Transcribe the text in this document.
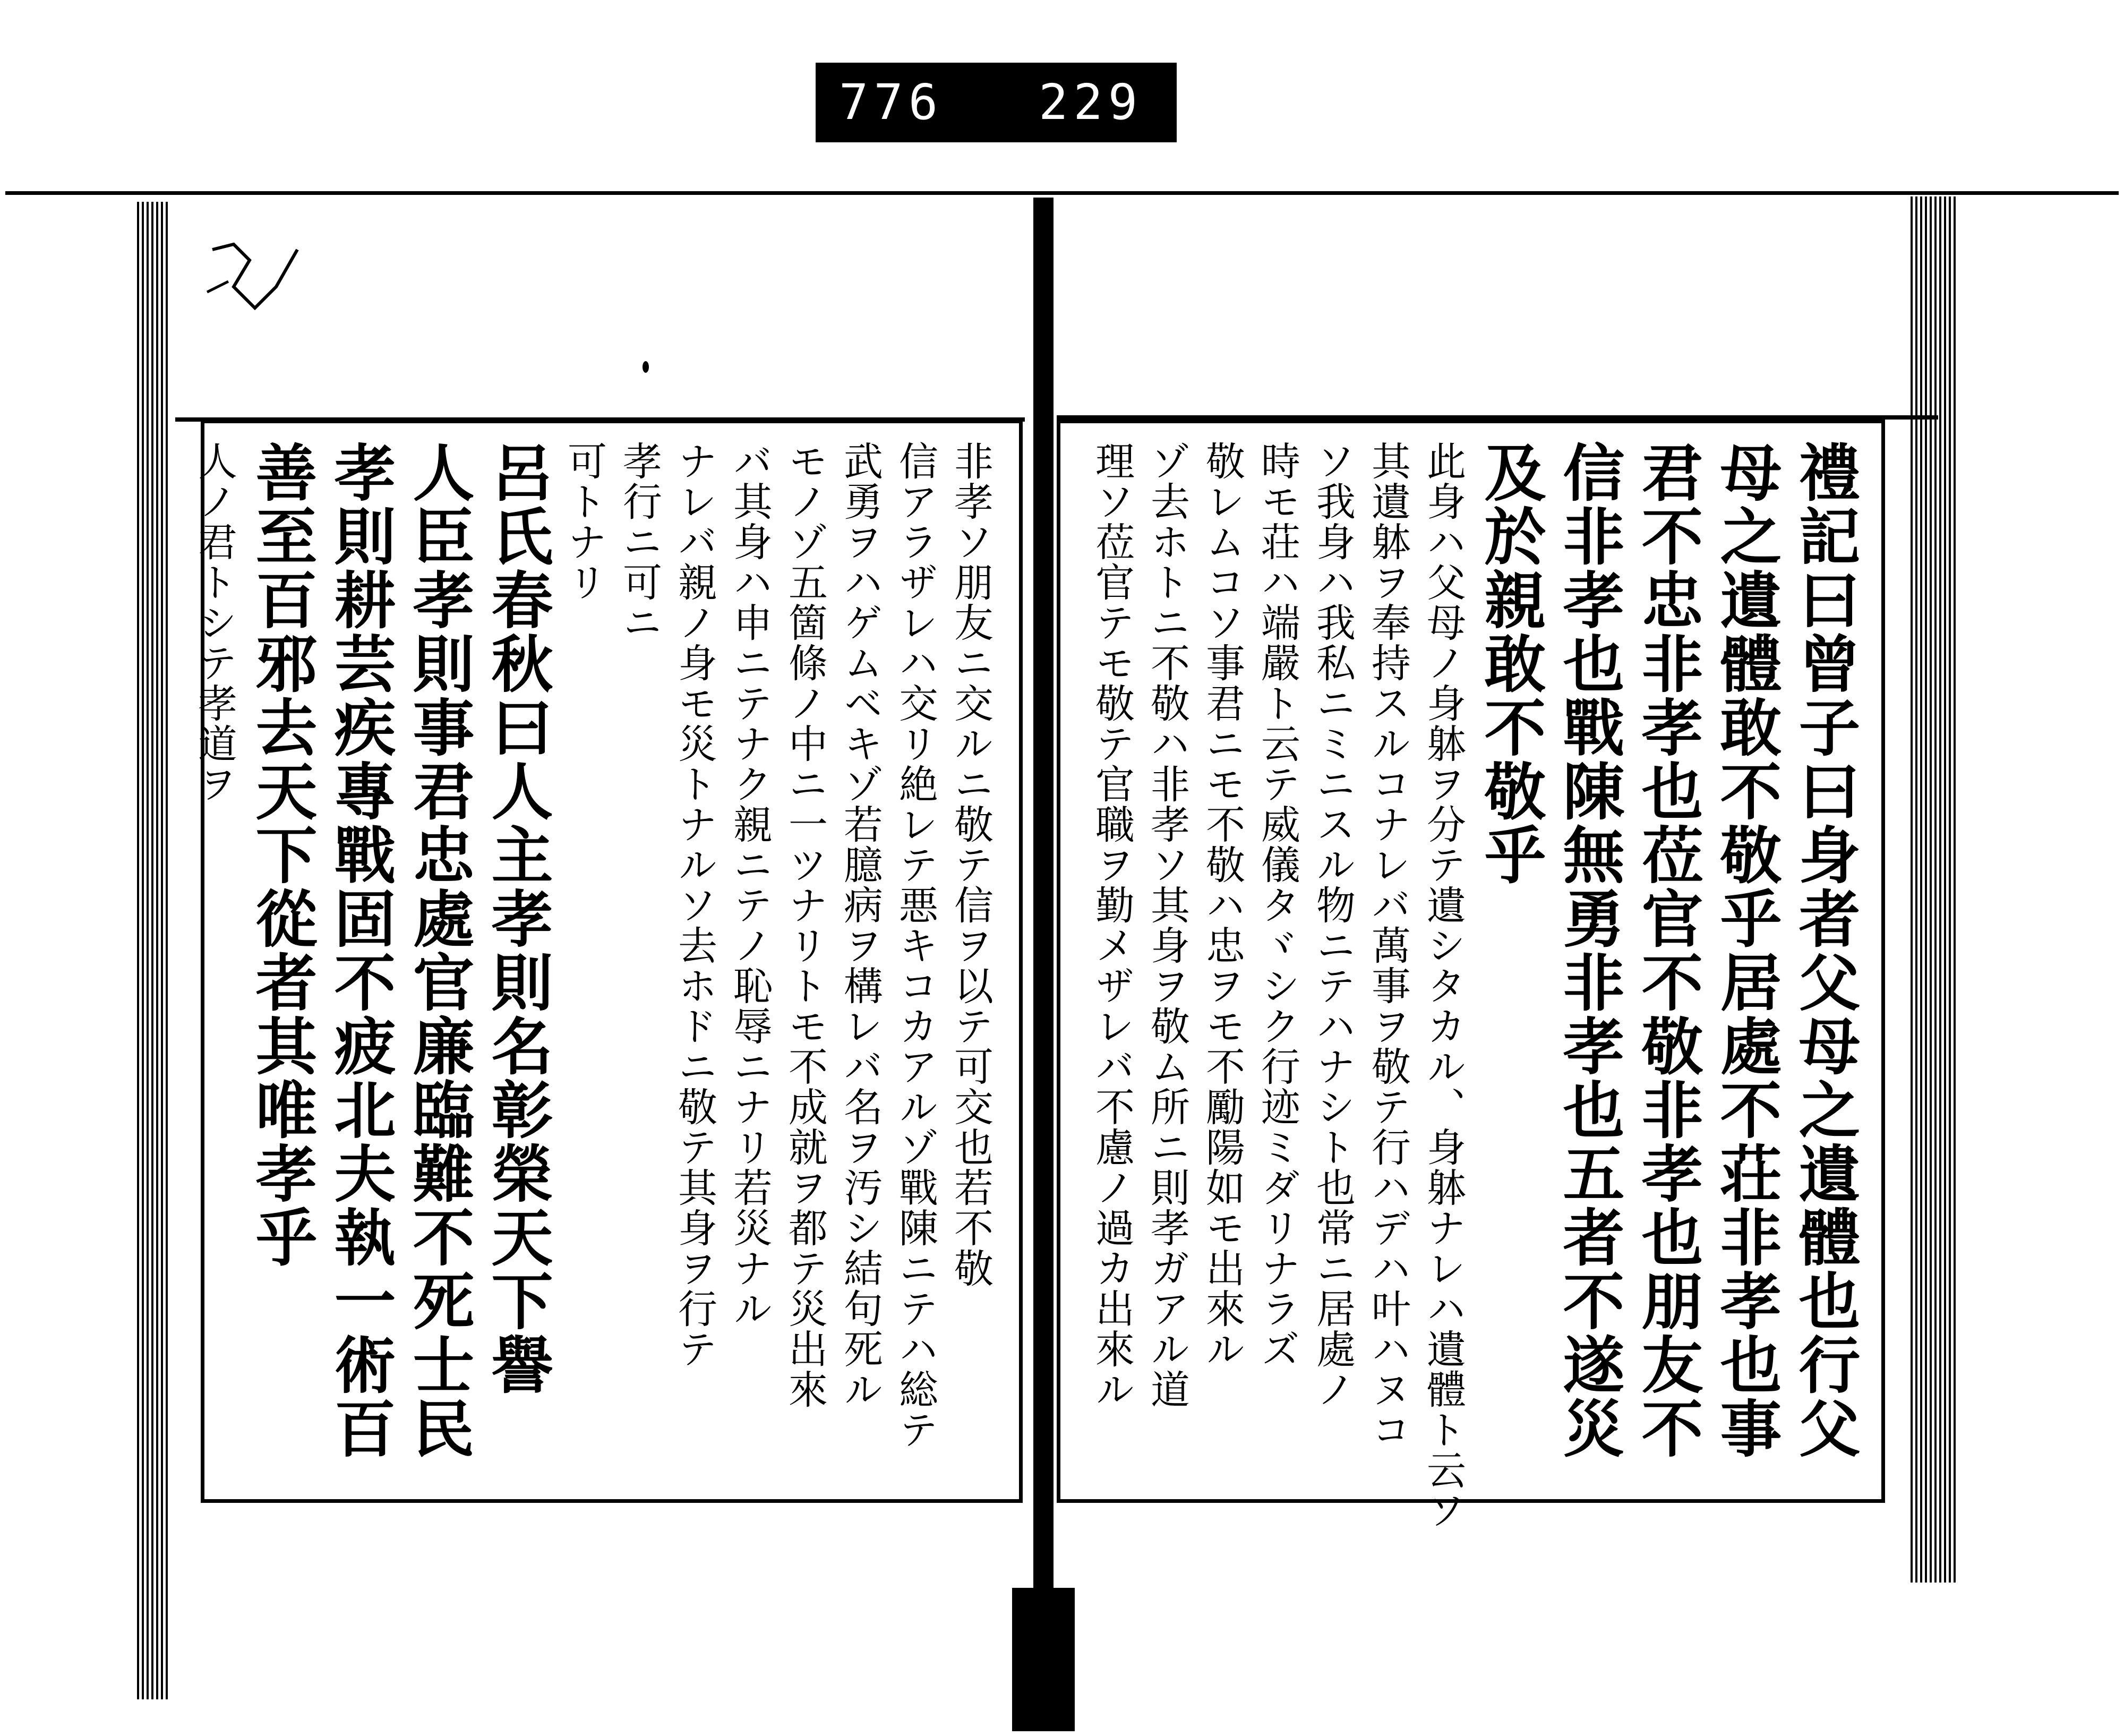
776 229
禮記曰曾子曰身者父母之遺體也行父
母之遺體敢不敬乎居處不荘非孝也事
君不忠非孝也莅官不敬非孝也朋友不
信非孝也戰陳無勇非孝也五者不遂災
及於親敢不敬乎
此身ハ父母ノ身躰ヲ分テ遺シタカル、身躰ナレハ遺體ト云ソ
其遺躰ヲ奉持スルコナレバ萬事ヲ敬テ行ハデハ叶ハヌコ
ソ我身ハ我私ニミニスル物ニテハナシト也常ニ居處ノ
時モ荘ハ端嚴ト云テ威儀タヾシク行迹ミダリナラズ
敬レムコソ事君ニモ不敬ハ忠ヲモ不勵陽如モ出來ル
ゾ去ホトニ不敬ハ非孝ソ其身ヲ敬ム所ニ則孝ガアル道
理ソ莅官テモ敬テ官職ヲ勤メザレバ不慮ノ過カ出來ル
非孝ソ朋友ニ交ルニ敬テ信ヲ以テ可交也若不敬
信アラザレハ交リ絶レテ悪キコカアルゾ戰陳ニテハ総テ
武勇ヲハゲムベキゾ若臆病ヲ構レバ名ヲ汚シ結句死ル
モノゾ五箇條ノ中ニ一ツナリトモ不成就ヲ都テ災出來
バ其身ハ申ニテナク親ニテノ恥辱ニナリ若災ナル
ナレバ親ノ身モ災トナルソ去ホドニ敬テ其身ヲ行テ
孝行ニ可ニ
可トナリ
呂氏春秋曰人主孝則名彰榮天下譽
人臣孝則事君忠處官廉臨難不死士民
孝則耕芸疾專戰固不疲北夫執一術百
善至百邪去天下從者其唯孝乎
人ノ君トシテ孝道ヲ
